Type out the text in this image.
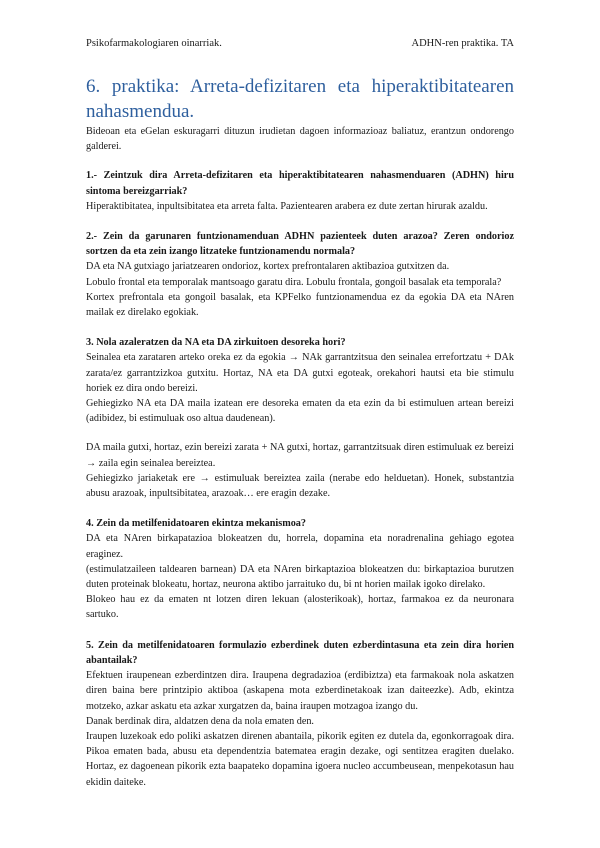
Psikofarmakologiaren oinarriak.	ADHN-ren praktika. TA
6. praktika: Arreta-defizitaren eta hiperaktibitatearen nahasmendua.

Bideoan eta eGelan eskuragarri dituzun irudietan dagoen informazioaz baliatuz, erantzun ondorengo galderei.

1.- Zeintzuk dira Arreta-defizitaren eta hiperaktibitatearen nahasmenduaren (ADHN) hiru sintoma bereizgarriak?

Hiperaktibitatea, inpultsibitatea eta arreta falta. Pazientearen arabera ez dute zertan hirurak azaldu.

2.- Zein da garunaren funtzionamenduan ADHN pazienteek duten arazoa? Zeren ondorioz sortzen da eta zein izango litzateke funtzionamendu normala?

DA eta NA gutxiago jariatzearen ondorioz, kortex prefrontalaren aktibazioa gutxitzen da.

Lobulo frontal eta temporalak mantsoago garatu dira. Lobulu frontala, gongoil basalak eta temporala?

Kortex prefrontala eta gongoil basalak, eta KPFelko funtzionamendua ez da egokia DA eta NAren mailak ez direlako egokiak.

3. Nola azaleratzen da NA eta DA zirkuitoen desoreka hori?

Seinalea eta zarataren arteko oreka ez da egokia → NAk garrantzitsua den seinalea errefortzatu + DAk zarata/ez garrantzizkoa gutxitu. Hortaz, NA eta DA gutxi egoteak, orekahori hautsi eta bie stimulu horiek ez dira ondo bereizi.

Gehiegizko NA eta DA maila izatean ere desoreka ematen da eta ezin da bi estimuluen artean bereizi (adibidez, bi estimuluak oso altua daudenean).

DA maila gutxi, hortaz, ezin bereizi zarata + NA gutxi, hortaz, garrantzitsuak diren estimuluak ez bereizi → zaila egin seinalea bereiztea.

Gehiegizko jariaketak ere → estimuluak bereiztea zaila (nerabe edo helduetan). Honek, substantzia abusu arazoak, inpultsibitatea, arazoak… ere eragin dezake.

4. Zein da metilfenidatoaren ekintza mekanismoa?

DA eta NAren birkapatazioa blokeatzen du, horrela, dopamina eta noradrenalina gehiago egotea eraginez.

(estimulatzaileen taldearen barnean) DA eta NAren birkaptazioa blokeatzen du: birkaptazioa burutzen duten proteinak blokeatu, hortaz, neurona aktibo jarraituko du, bi nt horien mailak igoko direlako.

Blokeo hau ez da ematen nt lotzen diren lekuan (alosterikoak), hortaz, farmakoa ez da neuronara sartuko.

5. Zein da metilfenidatoaren formulazio ezberdinek duten ezberdintasuna eta zein dira horien abantailak?

Efektuen iraupenean ezberdintzen dira. Iraupena degradazioa (erdibiztza) eta farmakoak nola askatzen diren baina bere printzipio aktiboa (askapena mota ezberdinetakoak izan daiteezke). Adb, ekintza motzeko, azkar askatu eta azkar xurgatzen da, baina iraupen motzagoa izango du.

Danak berdinak dira, aldatzen dena da nola ematen den.

Iraupen luzekoak edo poliki askatzen direnen abantaila, pikorik egiten ez dutela da, egonkorragoak dira. Pikoa ematen bada, abusu eta dependentzia batematea eragin dezake, ogi sentitzea eragiten duelako. Hortaz, ez dagoenean pikorik ezta baapateko dopamina igoera nucleo accumbeusean, menpekotasun hau ekidin daiteke.
